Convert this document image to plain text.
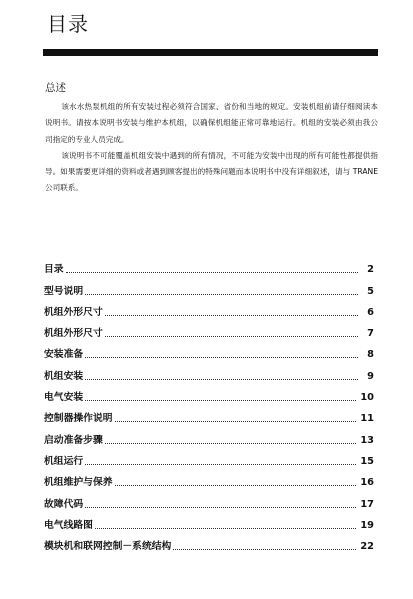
目录
总述

该水水热泵机组的所有安装过程必须符合国家、省份和当地的规定。安装机组前请仔细阅读本说明书。请按本说明书安装与维护本机组，以确保机组能正常可靠地运行。机组的安装必须由我公司指定的专业人员完成。

该说明书不可能覆盖机组安装中遇到的所有情况，不可能为安装中出现的所有可能性都提供指导。如果需要更详细的资料或者遇到顾客提出的特殊问题而本说明书中没有详细叙述，请与 TRANE 公司联系。

目录	2
型号说明	5
机组外形尺寸	6
机组外形尺寸	7
安装准备	8
机组安装	9
电气安装	10
控制器操作说明	11
启动准备步骤	13
机组运行	15
机组维护与保养	16
故障代码	17
电气线路图	19
模块机和联网控制－系统结构	22
